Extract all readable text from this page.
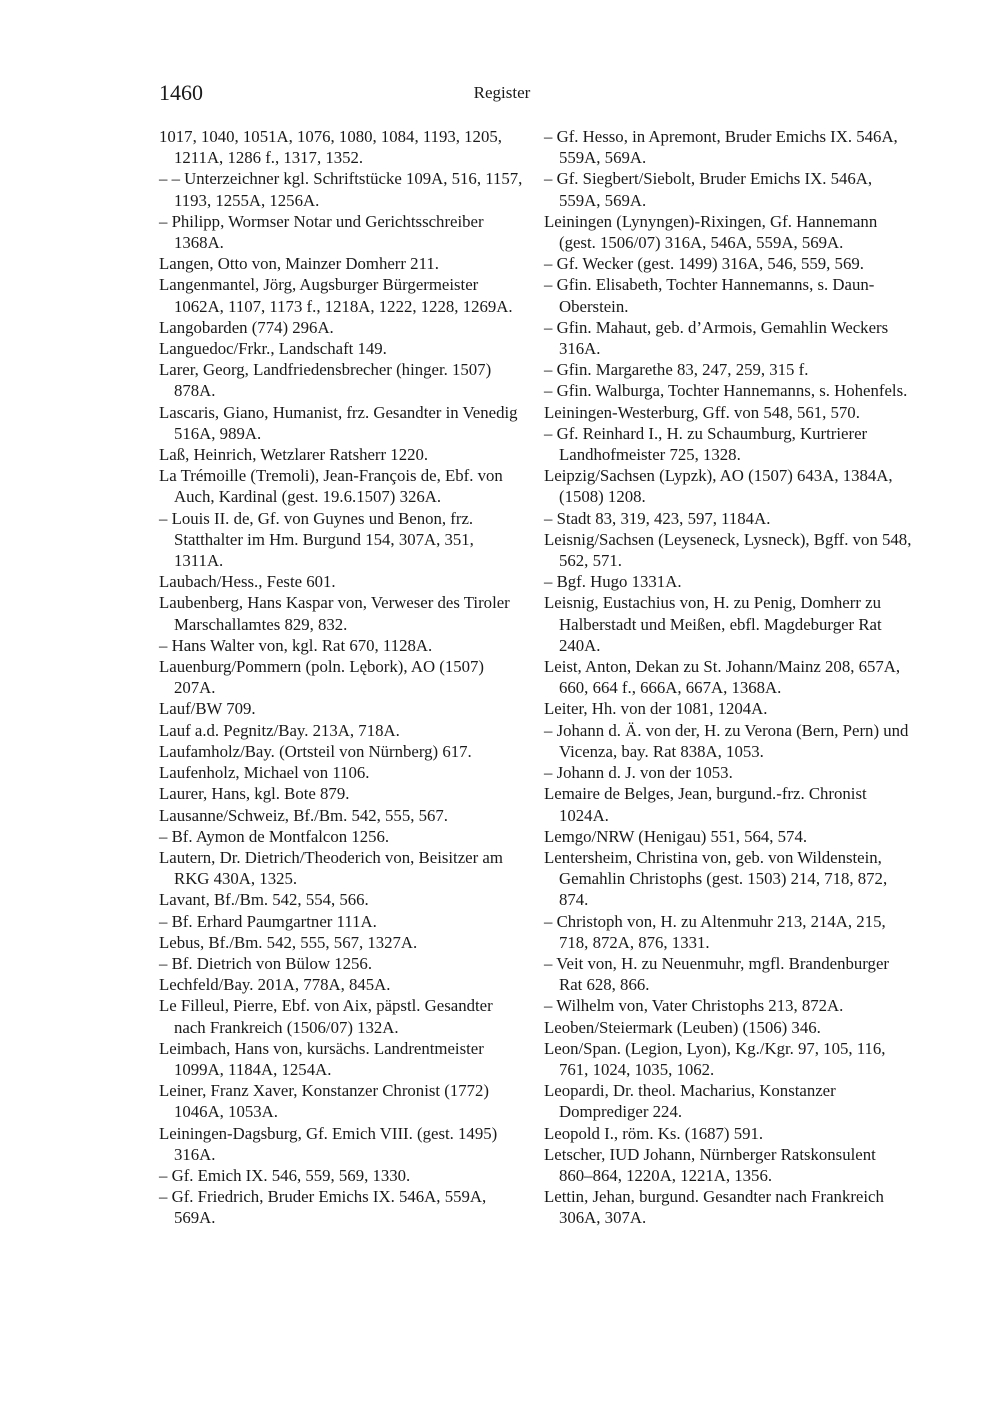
1460	Register
1017, 1040, 1051A, 1076, 1080, 1084, 1193, 1205, 1211A, 1286 f., 1317, 1352.
– – Unterzeichner kgl. Schriftstücke 109A, 516, 1157, 1193, 1255A, 1256A.
– Philipp, Wormser Notar und Gerichtsschreiber 1368A.
Langen, Otto von, Mainzer Domherr 211.
Langenmantel, Jörg, Augsburger Bürgermeister 1062A, 1107, 1173 f., 1218A, 1222, 1228, 1269A.
Langobarden (774) 296A.
Languedoc/Frkr., Landschaft 149.
Larer, Georg, Landfriedensbrecher (hinger. 1507) 878A.
Lascaris, Giano, Humanist, frz. Gesandter in Venedig 516A, 989A.
Laß, Heinrich, Wetzlarer Ratsherr 1220.
La Trémoille (Tremoli), Jean-François de, Ebf. von Auch, Kardinal (gest. 19.6.1507) 326A.
– Louis II. de, Gf. von Guynes und Benon, frz. Statthalter im Hm. Burgund 154, 307A, 351, 1311A.
Laubach/Hess., Feste 601.
Laubenberg, Hans Kaspar von, Verweser des Tiroler Marschallamtes 829, 832.
– Hans Walter von, kgl. Rat 670, 1128A.
Lauenburg/Pommern (poln. Lębork), AO (1507) 207A.
Lauf/BW 709.
Lauf a.d. Pegnitz/Bay. 213A, 718A.
Laufamholz/Bay. (Ortsteil von Nürnberg) 617.
Laufenholz, Michael von 1106.
Laurer, Hans, kgl. Bote 879.
Lausanne/Schweiz, Bf./Bm. 542, 555, 567.
– Bf. Aymon de Montfalcon 1256.
Lautern, Dr. Dietrich/Theoderich von, Beisitzer am RKG 430A, 1325.
Lavant, Bf./Bm. 542, 554, 566.
– Bf. Erhard Paumgartner 111A.
Lebus, Bf./Bm. 542, 555, 567, 1327A.
– Bf. Dietrich von Bülow 1256.
Lechfeld/Bay. 201A, 778A, 845A.
Le Filleul, Pierre, Ebf. von Aix, päpstl. Gesandter nach Frankreich (1506/07) 132A.
Leimbach, Hans von, kursächs. Landrentmeister 1099A, 1184A, 1254A.
Leiner, Franz Xaver, Konstanzer Chronist (1772) 1046A, 1053A.
Leiningen-Dagsburg, Gf. Emich VIII. (gest. 1495) 316A.
– Gf. Emich IX. 546, 559, 569, 1330.
– Gf. Friedrich, Bruder Emichs IX. 546A, 559A, 569A.
– Gf. Hesso, in Apremont, Bruder Emichs IX. 546A, 559A, 569A.
– Gf. Siegbert/Siebolt, Bruder Emichs IX. 546A, 559A, 569A.
Leiningen (Lynyngen)-Rixingen, Gf. Hannemann (gest. 1506/07) 316A, 546A, 559A, 569A.
– Gf. Wecker (gest. 1499) 316A, 546, 559, 569.
– Gfin. Elisabeth, Tochter Hannemanns, s. Daun-Oberstein.
– Gfin. Mahaut, geb. d’Armois, Gemahlin Weckers 316A.
– Gfin. Margarethe 83, 247, 259, 315 f.
– Gfin. Walburga, Tochter Hannemanns, s. Hohenfels.
Leiningen-Westerburg, Gff. von 548, 561, 570.
– Gf. Reinhard I., H. zu Schaumburg, Kurtrierer Landhofmeister 725, 1328.
Leipzig/Sachsen (Lypzk), AO (1507) 643A, 1384A, (1508) 1208.
– Stadt 83, 319, 423, 597, 1184A.
Leisnig/Sachsen (Leyseneck, Lysneck), Bgff. von 548, 562, 571.
– Bgf. Hugo 1331A.
Leisnig, Eustachius von, H. zu Penig, Domherr zu Halberstadt und Meißen, ebfl. Magdeburger Rat 240A.
Leist, Anton, Dekan zu St. Johann/Mainz 208, 657A, 660, 664 f., 666A, 667A, 1368A.
Leiter, Hh. von der 1081, 1204A.
– Johann d. Ä. von der, H. zu Verona (Bern, Pern) und Vicenza, bay. Rat 838A, 1053.
– Johann d. J. von der 1053.
Lemaire de Belges, Jean, burgund.-frz. Chronist 1024A.
Lemgo/NRW (Henigau) 551, 564, 574.
Lentersheim, Christina von, geb. von Wildenstein, Gemahlin Christophs (gest. 1503) 214, 718, 872, 874.
– Christoph von, H. zu Altenmuhr 213, 214A, 215, 718, 872A, 876, 1331.
– Veit von, H. zu Neuenmuhr, mgfl. Brandenburger Rat 628, 866.
– Wilhelm von, Vater Christophs 213, 872A.
Leoben/Steiermark (Leuben) (1506) 346.
Leon/Span. (Legion, Lyon), Kg./Kgr. 97, 105, 116, 761, 1024, 1035, 1062.
Leopardi, Dr. theol. Macharius, Konstanzer Domprediger 224.
Leopold I., röm. Ks. (1687) 591.
Letscher, IUD Johann, Nürnberger Ratskonsulent 860–864, 1220A, 1221A, 1356.
Lettin, Jehan, burgund. Gesandter nach Frankreich 306A, 307A.
